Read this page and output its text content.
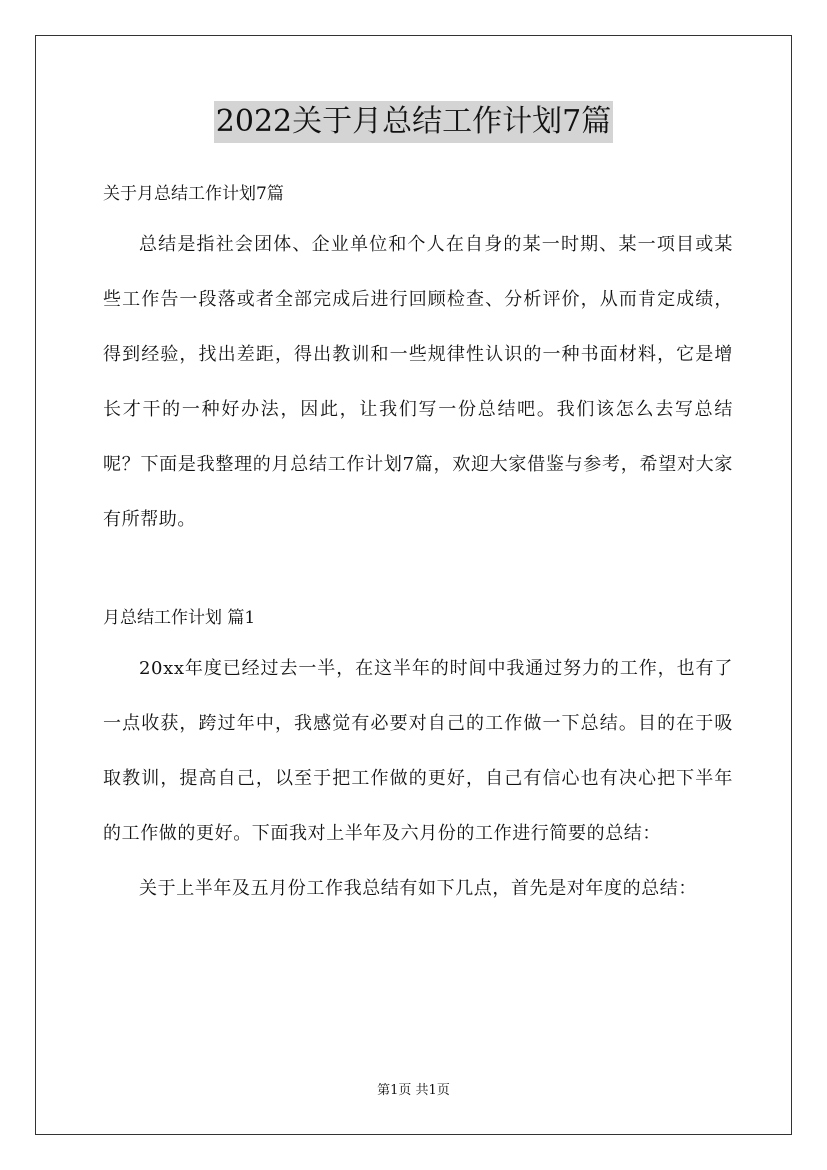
2022关于月总结工作计划7篇

关于月总结工作计划7篇

总结是指社会团体、企业单位和个人在自身的某一时期、某一项目或某些工作告一段落或者全部完成后进行回顾检查、分析评价，从而肯定成绩，得到经验，找出差距，得出教训和一些规律性认识的一种书面材料，它是增长才干的一种好办法，因此，让我们写一份总结吧。我们该怎么去写总结呢？下面是我整理的月总结工作计划7篇，欢迎大家借鉴与参考，希望对大家有所帮助。

月总结工作计划 篇1

20xx年度已经过去一半，在这半年的时间中我通过努力的工作，也有了一点收获，跨过年中，我感觉有必要对自己的工作做一下总结。目的在于吸取教训，提高自己，以至于把工作做的更好，自己有信心也有决心把下半年的工作做的更好。下面我对上半年及六月份的工作进行简要的总结：

关于上半年及五月份工作我总结有如下几点，首先是对年度的总结：

第1页 共1页
